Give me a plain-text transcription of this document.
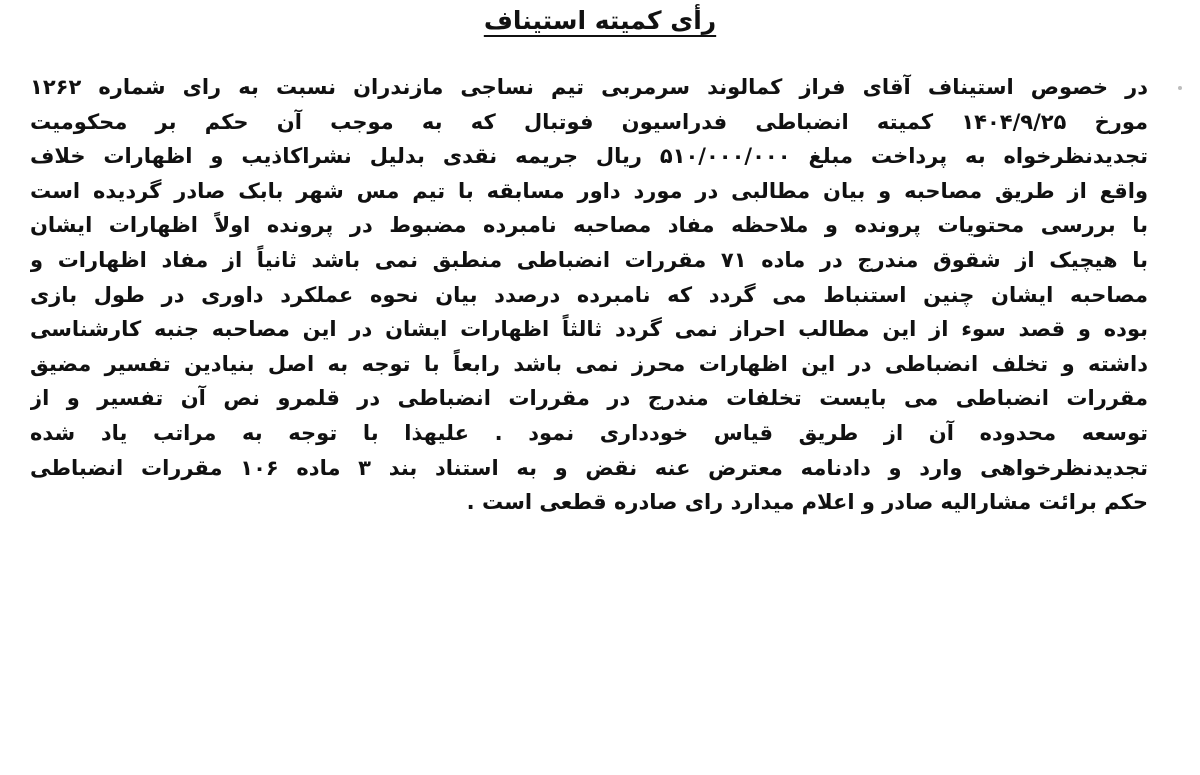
رأی کمیته استیناف
در خصوص استیناف آقای فراز کمالوند سرمربی تیم نساجی مازندران نسبت به رای شماره ۱۲۶۲
مورخ ۱۴۰۴/۹/۲۵ کمیته انضباطی فدراسیون فوتبال که به موجب آن حکم بر محکومیت
تجدیدنظرخواه به پرداخت مبلغ ۵۱۰/۰۰۰/۰۰۰ ریال جریمه نقدی بدلیل نشراکاذیب و اظهارات خلاف
واقع از طریق مصاحبه و بیان مطالبی در مورد داور مسابقه با تیم مس شهر بابک صادر گردیده است
با بررسی محتویات پرونده و ملاحظه مفاد مصاحبه نامبرده مضبوط در پرونده اولاً اظهارات ایشان
با هیچیک از شقوق مندرج در ماده ۷۱ مقررات انضباطی منطبق نمی باشد ثانیاً از مفاد اظهارات و
مصاحبه ایشان چنین استنباط می گردد که نامبرده درصدد بیان نحوه عملکرد داوری در طول بازی
بوده و قصد سوء از این مطالب احراز نمی گردد ثالثاً اظهارات ایشان در این مصاحبه جنبه کارشناسی
داشته و تخلف انضباطی در این اظهارات محرز نمی باشد رابعاً با توجه به اصل بنیادین تفسیر مضیق
مقررات انضباطی می بایست تخلفات مندرج در مقررات انضباطی در قلمرو نص آن تفسیر و از
توسعه محدوده آن از طریق قیاس خودداری نمود . علیهذا با توجه به مراتب یاد شده
تجدیدنظرخواهی وارد و دادنامه معترض عنه نقض و به استناد بند ۳ ماده ۱۰۶ مقررات انضباطی
حکم برائت مشارالیه صادر و اعلام میدارد رای صادره قطعی است .
